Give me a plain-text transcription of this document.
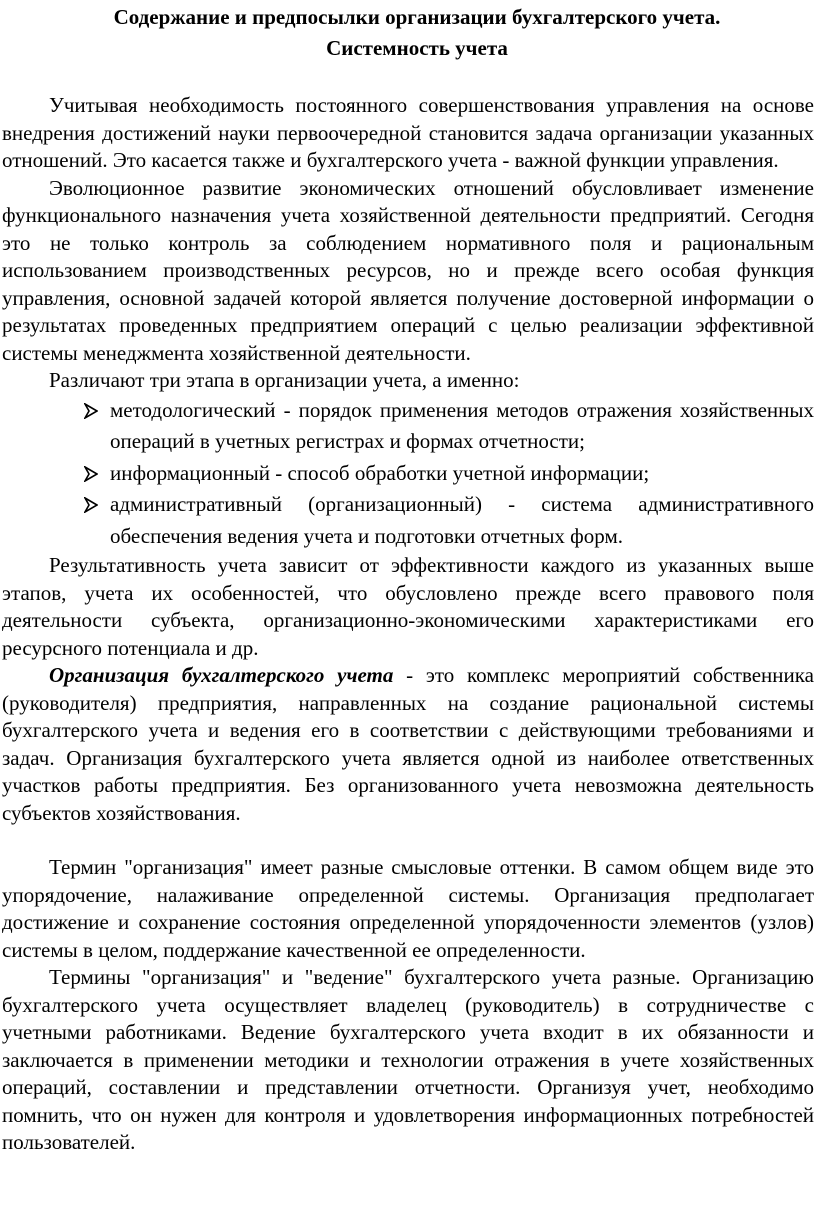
Содержание и предпосылки организации бухгалтерского учета.
Системность учета

Учитывая необходимость постоянного совершенствования управления на основе внедрения достижений науки первоочередной становится задача организации указанных отношений. Это касается также и бухгалтерского учета - важной функции управления.

Эволюционное развитие экономических отношений обусловливает изменение функционального назначения учета хозяйственной деятельности предприятий. Сегодня это не только контроль за соблюдением нормативного поля и рациональным использованием производственных ресурсов, но и прежде всего особая функция управления, основной задачей которой является получение достоверной информации о результатах проведенных предприятием операций с целью реализации эффективной системы менеджмента хозяйственной деятельности.

Различают три этапа в организации учета, а именно:

методологический - порядок применения методов отражения хозяйственных операций в учетных регистрах и формах отчетности;
информационный - способ обработки учетной информации;
административный (организационный) - система административного обеспечения ведения учета и подготовки отчетных форм.

Результативность учета зависит от эффективности каждого из указанных выше этапов, учета их особенностей, что обусловлено прежде всего правового поля деятельности субъекта, организационно-экономическими характеристиками его ресурсного потенциала и др.

Организация бухгалтерского учета - это комплекс мероприятий собственника (руководителя) предприятия, направленных на создание рациональной системы бухгалтерского учета и ведения его в соответствии с действующими требованиями и задач. Организация бухгалтерского учета является одной из наиболее ответственных участков работы предприятия. Без организованного учета невозможна деятельность субъектов хозяйствования.

Термин "организация" имеет разные смысловые оттенки. В самом общем виде это упорядочение, налаживание определенной системы. Организация предполагает достижение и сохранение состояния определенной упорядоченности элементов (узлов) системы в целом, поддержание качественной ее определенности.

Термины "организация" и "ведение" бухгалтерского учета разные. Организацию бухгалтерского учета осуществляет владелец (руководитель) в сотрудничестве с учетными работниками. Ведение бухгалтерского учета входит в их обязанности и заключается в применении методики и технологии отражения в учете хозяйственных операций, составлении и представлении отчетности. Организуя учет, необходимо помнить, что он нужен для контроля и удовлетворения информационных потребностей пользователей.
